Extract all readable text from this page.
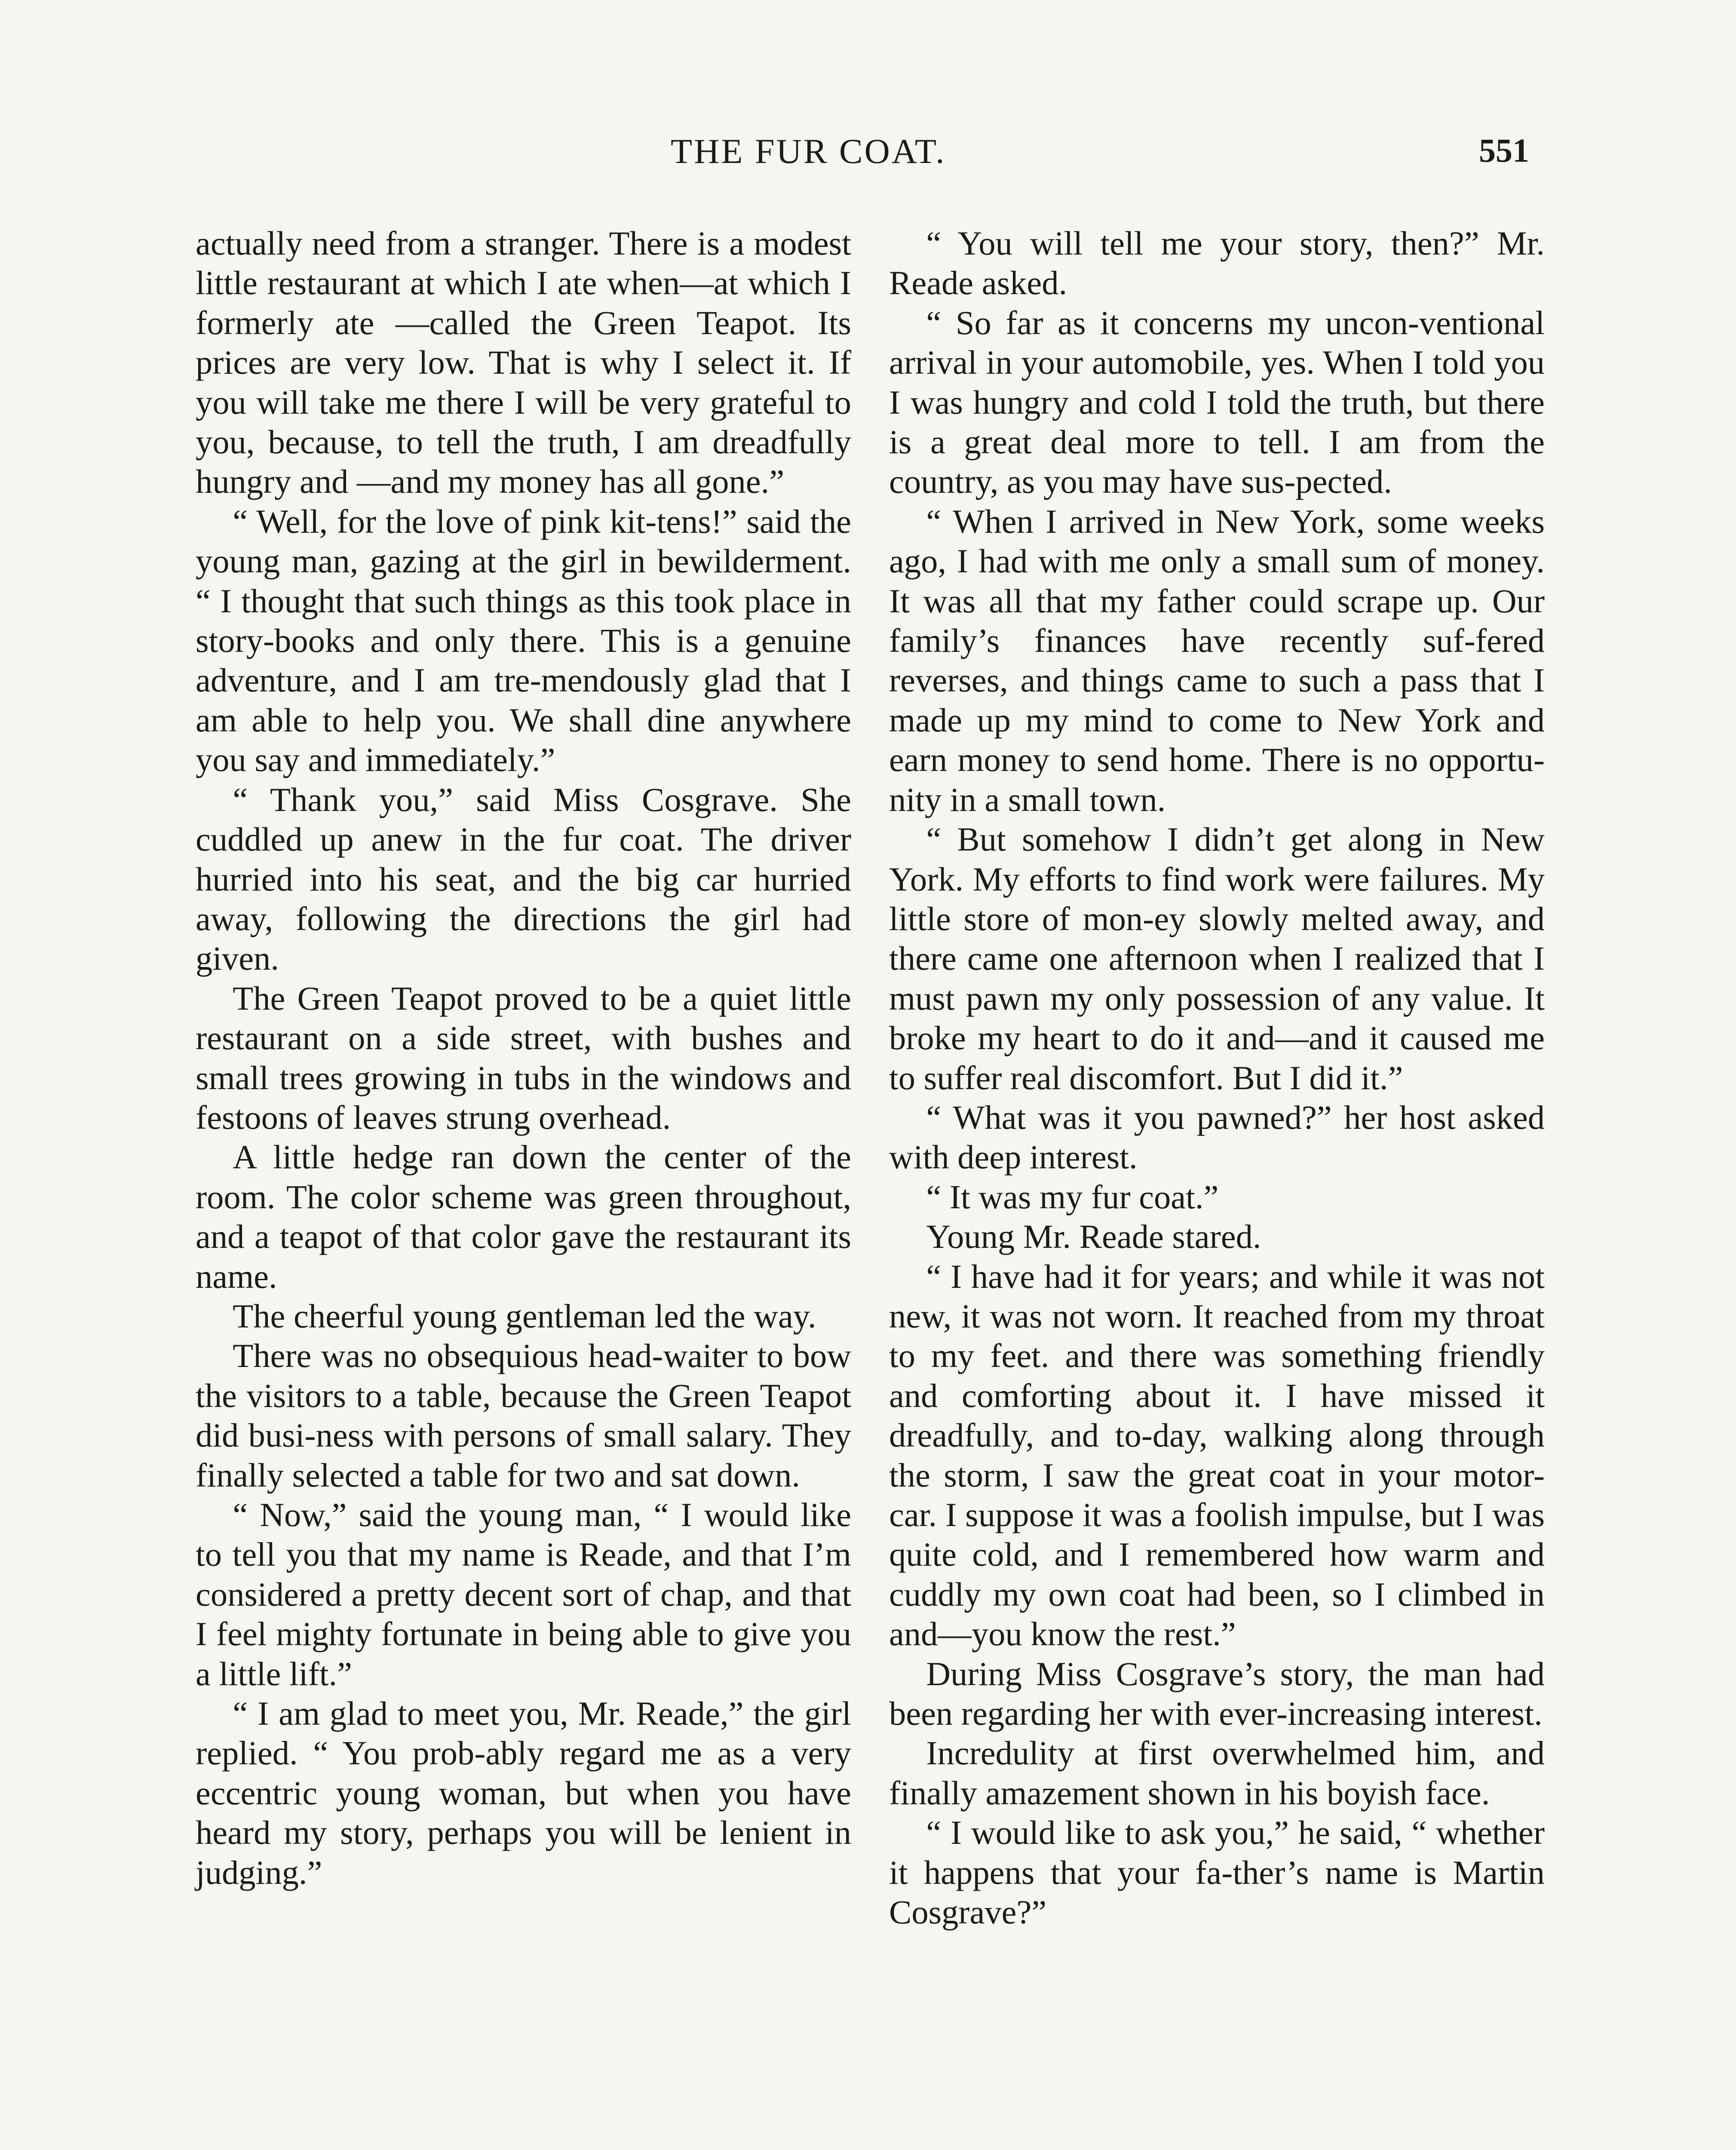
THE FUR COAT.	551

actually need from a stranger. There is a modest little restaurant at which I ate when—at which I formerly ate —called the Green Teapot. Its prices are very low. That is why I select it. If you will take me there I will be very grateful to you, because, to tell the truth, I am dreadfully hungry and —and my money has all gone.”

“ Well, for the love of pink kit-tens!” said the young man, gazing at the girl in bewilderment. “ I thought that such things as this took place in story-books and only there. This is a genuine adventure, and I am tre-mendously glad that I am able to help you. We shall dine anywhere you say and immediately.”

“ Thank you,” said Miss Cosgrave. She cuddled up anew in the fur coat. The driver hurried into his seat, and the big car hurried away, following the directions the girl had given.

The Green Teapot proved to be a quiet little restaurant on a side street, with bushes and small trees growing in tubs in the windows and festoons of leaves strung overhead.

A little hedge ran down the center of the room. The color scheme was green throughout, and a teapot of that color gave the restaurant its name.

The cheerful young gentleman led the way.

There was no obsequious head-waiter to bow the visitors to a table, because the Green Teapot did busi-ness with persons of small salary. They finally selected a table for two and sat down.

“ Now,” said the young man, “ I would like to tell you that my name is Reade, and that I’m considered a pretty decent sort of chap, and that I feel mighty fortunate in being able to give you a little lift.”

“ I am glad to meet you, Mr. Reade,” the girl replied. “ You prob-ably regard me as a very eccentric young woman, but when you have heard my story, perhaps you will be lenient in judging.”

“ You will tell me your story, then?” Mr. Reade asked.

“ So far as it concerns my uncon-ventional arrival in your automobile, yes. When I told you I was hungry and cold I told the truth, but there is a great deal more to tell. I am from the country, as you may have sus-pected.

“ When I arrived in New York, some weeks ago, I had with me only a small sum of money. It was all that my father could scrape up. Our family’s finances have recently suf-fered reverses, and things came to such a pass that I made up my mind to come to New York and earn money to send home. There is no opportu-nity in a small town.

“ But somehow I didn’t get along in New York. My efforts to find work were failures. My little store of mon-ey slowly melted away, and there came one afternoon when I realized that I must pawn my only possession of any value. It broke my heart to do it and—and it caused me to suffer real discomfort. But I did it.”

“ What was it you pawned?” her host asked with deep interest.

“ It was my fur coat.”

Young Mr. Reade stared.

“ I have had it for years; and while it was not new, it was not worn. It reached from my throat to my feet. and there was something friendly and comforting about it. I have missed it dreadfully, and to-day, walking along through the storm, I saw the great coat in your motor-car. I suppose it was a foolish impulse, but I was quite cold, and I remembered how warm and cuddly my own coat had been, so I climbed in and—you know the rest.”

During Miss Cosgrave’s story, the man had been regarding her with ever-increasing interest.

Incredulity at first overwhelmed him, and finally amazement shown in his boyish face.

“ I would like to ask you,” he said, “ whether it happens that your fa-ther’s name is Martin Cosgrave?”
